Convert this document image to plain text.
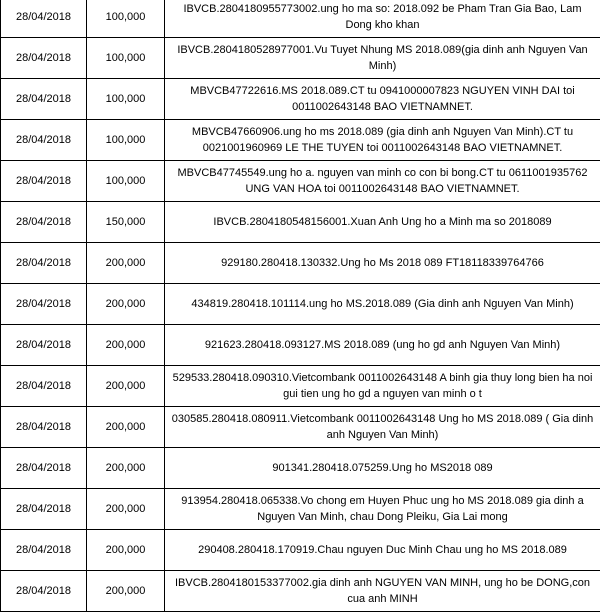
28/04/2018	100,000	IBVCB.2804180955773002.ung ho ma so: 2018.092 be Pham Tran Gia Bao, Lam Dong kho khan
28/04/2018	100,000	IBVCB.2804180528977001.Vu Tuyet Nhung MS 2018.089(gia dinh anh Nguyen Van Minh)
28/04/2018	100,000	MBVCB47722616.MS 2018.089.CT tu 0941000007823 NGUYEN VINH DAI toi 0011002643148 BAO VIETNAMNET.
28/04/2018	100,000	MBVCB47660906.ung ho ms 2018.089 (gia dinh anh Nguyen Van Minh).CT tu 0021001960969 LE THE TUYEN toi 0011002643148 BAO VIETNAMNET.
28/04/2018	100,000	MBVCB47745549.ung ho a. nguyen van minh co con bi bong.CT tu 0611001935762 UNG VAN HOA toi 0011002643148 BAO VIETNAMNET.
28/04/2018	150,000	IBVCB.2804180548156001.Xuan Anh Ung ho a Minh ma so 2018089
28/04/2018	200,000	929180.280418.130332.Ung ho Ms 2018 089 FT18118339764766
28/04/2018	200,000	434819.280418.101114.ung ho MS.2018.089 (Gia dinh anh Nguyen Van Minh)
28/04/2018	200,000	921623.280418.093127.MS 2018.089 (ung ho gd anh Nguyen Van Minh)
28/04/2018	200,000	529533.280418.090310.Vietcombank 0011002643148 A binh gia thuy long bien ha noi gui tien ung ho gd a nguyen van minh o t
28/04/2018	200,000	030585.280418.080911.Vietcombank 0011002643148 Ung ho MS 2018.089 ( Gia dinh anh Nguyen Van Minh)
28/04/2018	200,000	901341.280418.075259.Ung ho MS2018 089
28/04/2018	200,000	913954.280418.065338.Vo chong em Huyen Phuc ung ho MS 2018.089 gia dinh a Nguyen Van Minh, chau Dong Pleiku, Gia Lai mong
28/04/2018	200,000	290408.280418.170919.Chau nguyen Duc Minh Chau ung ho MS 2018.089
28/04/2018	200,000	IBVCB.2804180153377002.gia dinh anh NGUYEN VAN MINH, ung ho be DONG,con cua anh MINH
